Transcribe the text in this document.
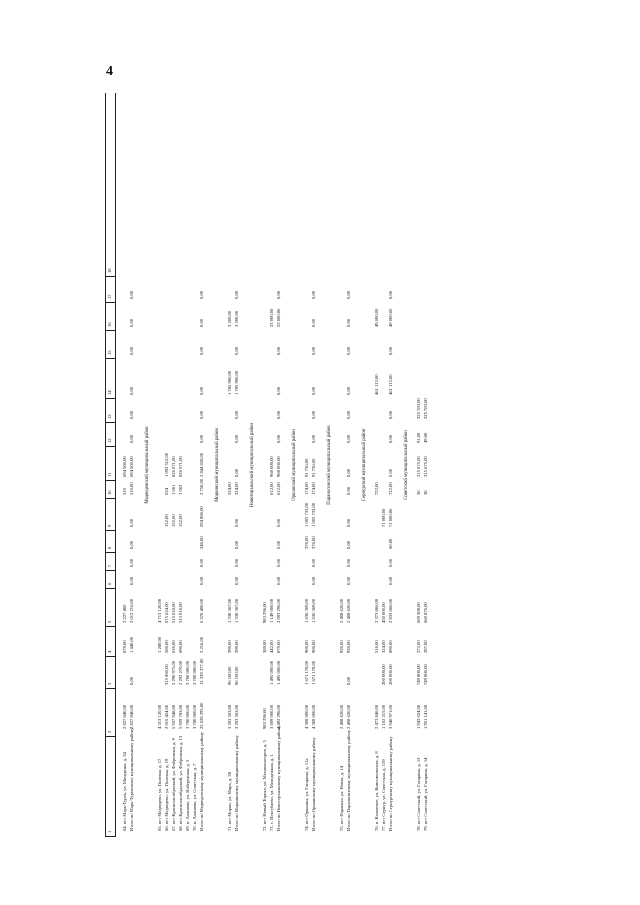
4
1
2
3
4
5
6
7
8
9
10
11
12
13
14
15
16
17
18
64. пгт Марь-Турек, ул. Мичурина, д. 34
2 827 840,00
879,00
2 227 400
510
694 500,00
Итого по Марь-Турекскому муниципальному району
2 827 840,00
0,00
1 440,00
2 012 216,00
0,00
0,00
0,00
0,00
510,00
694 500,00
0,00
0,00
0,00
0,00
0,00
0,00
Медведевский муниципальный район
65. пгт Медведево, ул. Полевая, д. 17
4 313 120,00
1 280,00
4 713 120,00
66. пгт Медведево, ул. Полевая, д. 19
2 015 424,00
315 860,00
580,00
675 624,00
152,00
634
1 092 512,00
67. пгт Краснооктябрьский, ул. Фабричная, д. 9
5 937 948,00
2 290 975,00
636,00
515 018,00
152,00
1 061
826 071,00
68. пгт Краснооктябрьский, ул. Фабричная, д. 13
5 929 783,00
2 292 270,00
690,00
513 018,00
152,00
1 063
826 071,00
69. п. Алашево, ул. Набережная, д. 5
3 700 000,00
3 700 000,00
70. п. Алашево, ул. Советская, д. 7
3 700 000,00
3 700 000,00
Итого по Медведевскому муниципальному району
22 028 295,00
12 339 377,00
3 216,00
6 570 400,00
0,00
0,00
240,00
594 886,00
2 758,00
2 844 658,00
0,00
0,00
0,00
0,00
0,00
0,00
Моркинский муниципальный район
71. пгт Морки, ул. Мира, д. 38
3 203 363,00
96 100,00
399,00
1 338 367,00
324,00
1 785 900,00
3 200,00
Итого по Моркинскому муниципальному району
3 203 363,00
96 100,00
399,00
1 338 367,00
0,00
0,00
0,00
0,00
324,00
0,00
0,00
0,00
1 785 900,00
0,00
3 200,00
0,00
Новоторъяльский муниципальный район
72. пгт Новый Торъял, ул. Механизаторов, д. 5
983 296,00
389,00
983 296,00
73. с. Пектубаево, ул. Молодежная, д. 1
3 609 000,00
1 495 000,00
442,00
1 149 000,00
612,00
968 000,00
23 000,00
Итого по Новоторъяльскому муниципальному району
4 492 296,00
1 495 000,00
879,00
2 093 296,00
0,00
0,00
0,00
0,00
612,00
968 000,00
0,00
0,00
0,00
0,00
23 000,00
0,00
Оршанский муниципальный район
74. пгт Оршанка, ул. Гагарина, д. 11а
4 308 600,00
1 671 178,00
900,00
1 636 369,00
370,00
1 005 733,00
174,00
91 736,00
Итого по Оршанскому муниципальному району
4 308 600,00
1 671 178,00
900,00
1 636 369,00
0,00
0,00
370,00
1 005 733,00
174,00
91 736,00
0,00
0,00
0,00
0,00
0,00
0,00
Параньгинский муниципальный район
75. пгт Параньга, ул. Новая, д. 14
2 408 620,00
920,00
2 408 620,00
Итого по Параньгинскому муниципальному району
2 408 620,00
0,00
920,00
2 408 620,00
0,00
0,00
0,00
0,00
0,00
0,00
0,00
0,00
0,00
0,00
0,00
0,00
Сернурский муниципальный район
76. п. Казанское, ул. Комсомольская, д. 8
2 473 846,00
516,00
2 373 866,00
722,00
461 113,00
49 000,00
77. пгт Сернур, ул. Советская, д. 159
1 162 215,00
200 000,00
324,00
450 000,00
71 000,00
Итого по Сернурскому муниципальному району
3 946 971,00
200 000,00
890,00
2 833 866,00
0,00
0,00
60,00
71 000,00
722,00
0,00
0,00
0,00
461 113,00
0,00
49 000,00
0,00
Советский муниципальный район
78. пгт Советский, ул. Гагарина, д. 13
1 943 024,00
749 800,00
272,00
669 308,00
36
215 675,00
91,00
325 783,00
79. пгт Советский, ул. Гагарина, д. 14
1 951 141,00
749 800,00
287,00
660 876,00
38
215 675,00
49,00
325 783,00
